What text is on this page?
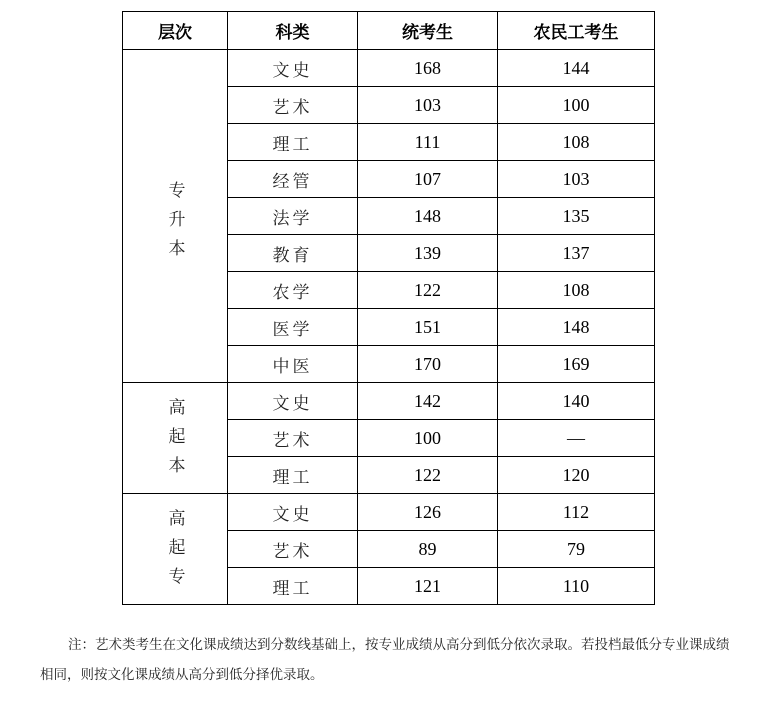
层次	科类	统考生	农民工考生

专升本	文史	168	144
	艺术	103	100
	理工	111	108
	经管	107	103
	法学	148	135
	教育	139	137
	农学	122	108
	医学	151	148
	中医	170	169

高起本	文史	142	140
	艺术	100	—
	理工	122	120

高起专	文史	126	112
	艺术	89	79
	理工	121	110

注：艺术类考生在文化课成绩达到分数线基础上，按专业成绩从高分到低分依次录取。若投档最低分专业课成绩相同，则按文化课成绩从高分到低分择优录取。
